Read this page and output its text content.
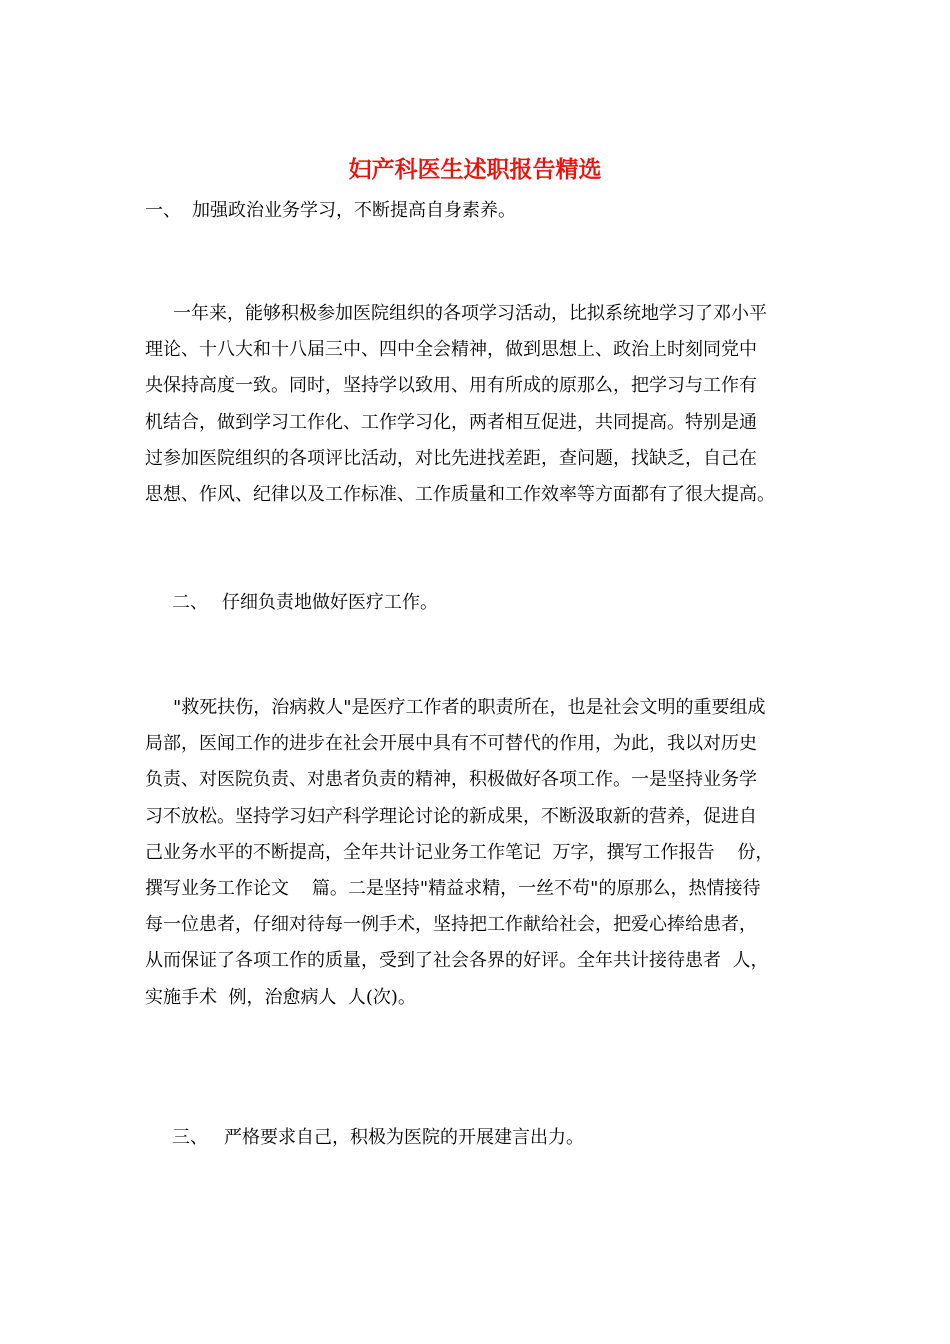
妇产科医生述职报告精选
一、 加强政治业务学习，不断提高自身素养。
一年来，能够积极参加医院组织的各项学习活动，比拟系统地学习了邓小平
理论、十八大和十八届三中、四中全会精神，做到思想上、政治上时刻同党中
央保持高度一致。同时，坚持学以致用、用有所成的原那么，把学习与工作有
机结合，做到学习工作化、工作学习化，两者相互促进，共同提高。特别是通
过参加医院组织的各项评比活动，对比先进找差距，查问题，找缺乏，自己在
思想、作风、纪律以及工作标准、工作质量和工作效率等方面都有了很大提高。
二、 仔细负责地做好医疗工作。
"救死扶伤，治病救人"是医疗工作者的职责所在，也是社会文明的重要组成
局部，医闻工作的进步在社会开展中具有不可替代的作用，为此，我以对历史
负责、对医院负责、对患者负责的精神，积极做好各项工作。一是坚持业务学
习不放松。坚持学习妇产科学理论讨论的新成果，不断汲取新的营养，促进自
己业务水平的不断提高，全年共计记业务工作笔记  万字，撰写工作报告    份，
撰写业务工作论文    篇。二是坚持"精益求精，一丝不苟"的原那么，热情接待
每一位患者，仔细对待每一例手术，坚持把工作献给社会，把爱心捧给患者，
从而保证了各项工作的质量，受到了社会各界的好评。全年共计接待患者  人，
实施手术  例，治愈病人  人(次)。
三、 严格要求自己，积极为医院的开展建言出力。
